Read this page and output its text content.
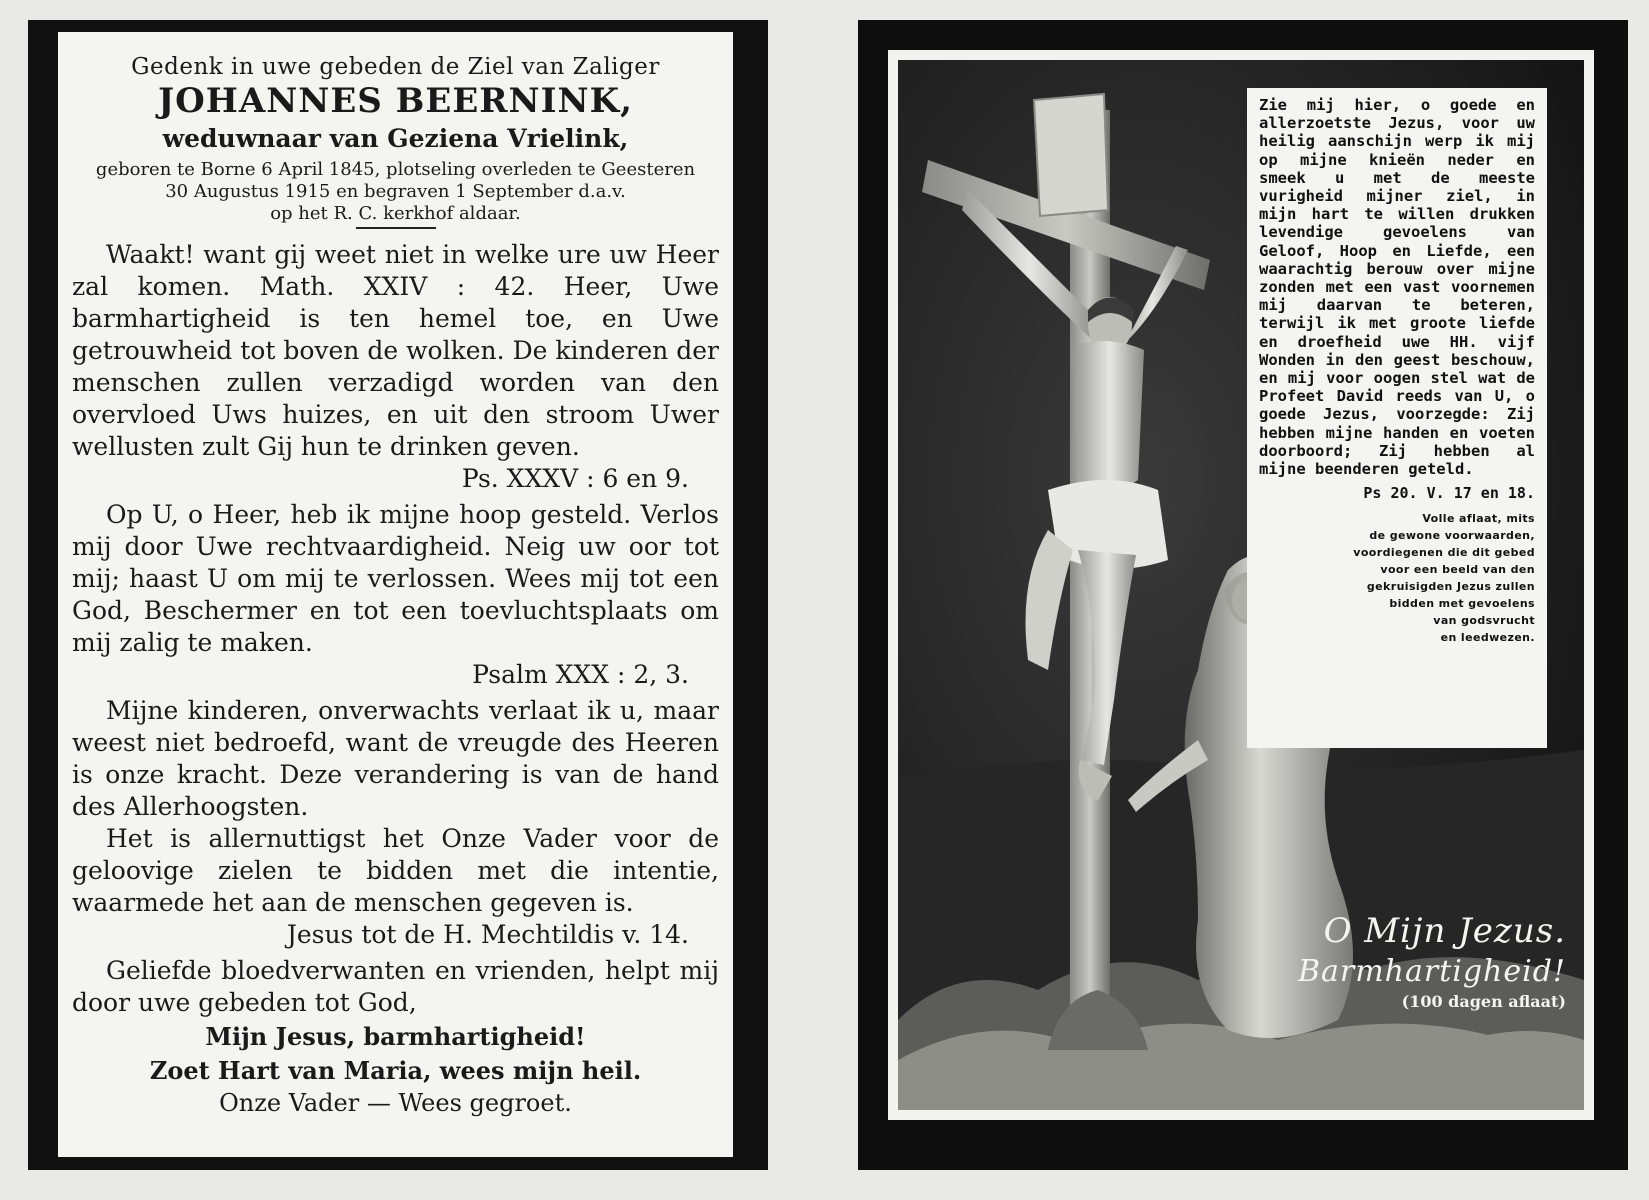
Gedenk in uwe gebeden de Ziel van Zaliger

JOHANNES BEERNINK,

weduwnaar van Geziena Vrielink,

geboren te Borne 6 April 1845, plotseling overleden te Geesteren

30 Augustus 1915 en begraven 1 September d.a.v.

op het R. C. kerkhof aldaar.

Waakt! want gij weet niet in welke ure uw Heer zal komen. Math. XXIV : 42. Heer, Uwe barmhartigheid is ten hemel toe, en Uwe getrouwheid tot boven de wolken. De kinderen der menschen zullen verzadigd worden van den overvloed Uws huizes, en uit den stroom Uwer wellusten zult Gij hun te drinken geven.

Ps. XXXV : 6 en 9.

Op U, o Heer, heb ik mijne hoop gesteld. Verlos mij door Uwe rechtvaardigheid. Neig uw oor tot mij; haast U om mij te verlossen. Wees mij tot een God, Beschermer en tot een toevluchtsplaats om mij zalig te maken.

Psalm XXX : 2, 3.

Mijne kinderen, onverwachts verlaat ik u, maar weest niet bedroefd, want de vreugde des Heeren is onze kracht. Deze verandering is van de hand des Allerhoogsten.

Het is allernuttigst het Onze Vader voor de geloovige zielen te bidden met die intentie, waarmede het aan de menschen gegeven is.

Jesus tot de H. Mechtildis v. 14.

Geliefde bloedverwanten en vrienden, helpt mij door uwe gebeden tot God,

Mijn Jesus, barmhartigheid!

Zoet Hart van Maria, wees mijn heil.

Onze Vader — Wees gegroet.

Zie mij hier, o goede en allerzoetste Jezus, voor uw heilig aanschijn werp ik mij op mijne knieën neder en smeek u met de meeste vurigheid mijner ziel, in mijn hart te willen drukken levendige gevoelens van Geloof, Hoop en Liefde, een waarachtig berouw over mijne zonden met een vast voornemen mij daarvan te beteren, terwijl ik met groote liefde en droefheid uwe HH. vijf Wonden in den geest beschouw, en mij voor oogen stel wat de Profeet David reeds van U, o goede Jezus, voorzegde: Zij hebben mijne handen en voeten doorboord; Zij hebben al mijne beenderen geteld.

Ps 20. V. 17 en 18.

Volle aflaat, mits

de gewone voorwaarden,

voordiegenen die dit gebed

voor een beeld van den

gekruisigden Jezus zullen

bidden met gevoelens

van godsvrucht

en leedwezen.

O Mijn Jezus.
Barmhartigheid!
(100 dagen aflaat)
